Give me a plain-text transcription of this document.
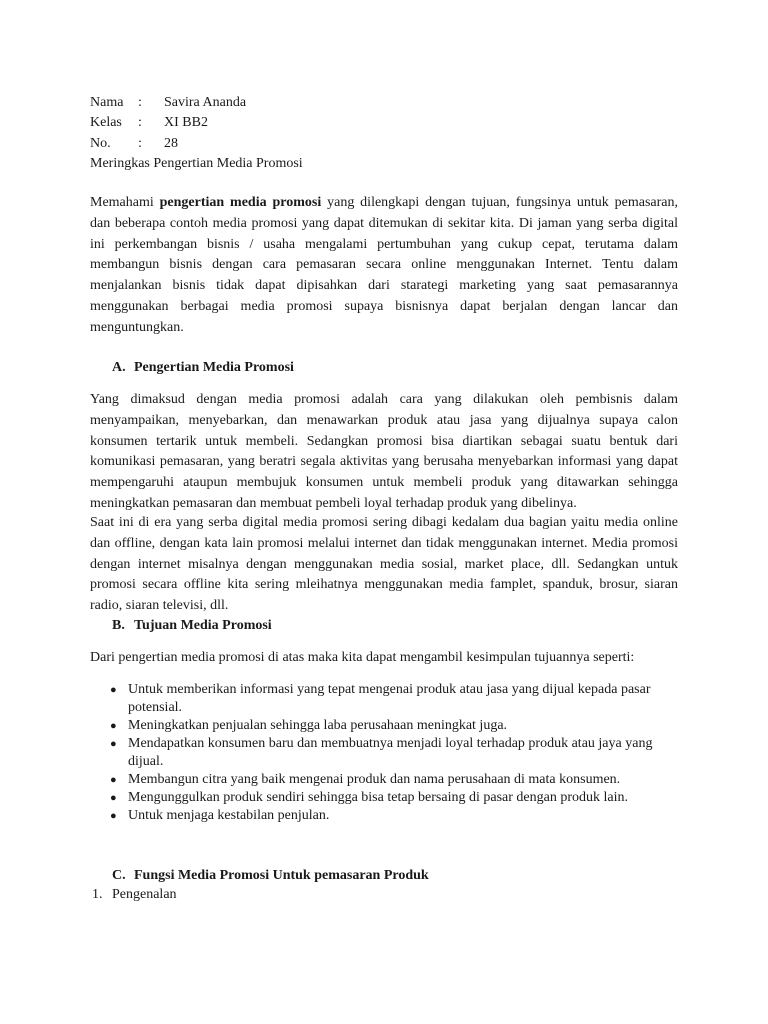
Nama : Savira Ananda
Kelas : XI BB2
No. : 28
Meringkas Pengertian Media Promosi

Memahami pengertian media promosi yang dilengkapi dengan tujuan, fungsinya untuk pemasaran, dan beberapa contoh media promosi yang dapat ditemukan di sekitar kita. Di jaman yang serba digital ini perkembangan bisnis / usaha mengalami pertumbuhan yang cukup cepat, terutama dalam membangun bisnis dengan cara pemasaran secara online menggunakan Internet. Tentu dalam menjalankan bisnis tidak dapat dipisahkan dari starategi marketing yang saat pemasarannya menggunakan berbagai media promosi supaya bisnisnya dapat berjalan dengan lancar dan menguntungkan.

A. Pengertian Media Promosi

Yang dimaksud dengan media promosi adalah cara yang dilakukan oleh pembisnis dalam menyampaikan, menyebarkan, dan menawarkan produk atau jasa yang dijualnya supaya calon konsumen tertarik untuk membeli. Sedangkan promosi bisa diartikan sebagai suatu bentuk dari komunikasi pemasaran, yang beratri segala aktivitas yang berusaha menyebarkan informasi yang dapat mempengaruhi ataupun membujuk konsumen untuk membeli produk yang ditawarkan sehingga meningkatkan pemasaran dan membuat pembeli loyal terhadap produk yang dibelinya.

Saat ini di era yang serba digital media promosi sering dibagi kedalam dua bagian yaitu media online dan offline, dengan kata lain promosi melalui internet dan tidak menggunakan internet. Media promosi dengan internet misalnya dengan menggunakan media sosial, market place, dll. Sedangkan untuk promosi secara offline kita sering mleihatnya menggunakan media famplet, spanduk, brosur, siaran radio, siaran televisi, dll.

B. Tujuan Media Promosi

Dari pengertian media promosi di atas maka kita dapat mengambil kesimpulan tujuannya seperti:

● Untuk memberikan informasi yang tepat mengenai produk atau jasa yang dijual kepada pasar potensial.
● Meningkatkan penjualan sehingga laba perusahaan meningkat juga.
● Mendapatkan konsumen baru dan membuatnya menjadi loyal terhadap produk atau jaya yang dijual.
● Membangun citra yang baik mengenai produk dan nama perusahaan di mata konsumen.
● Mengunggulkan produk sendiri sehingga bisa tetap bersaing di pasar dengan produk lain.
● Untuk menjaga kestabilan penjulan.
C. Fungsi Media Promosi Untuk pemasaran Produk
1. Pengenalan
